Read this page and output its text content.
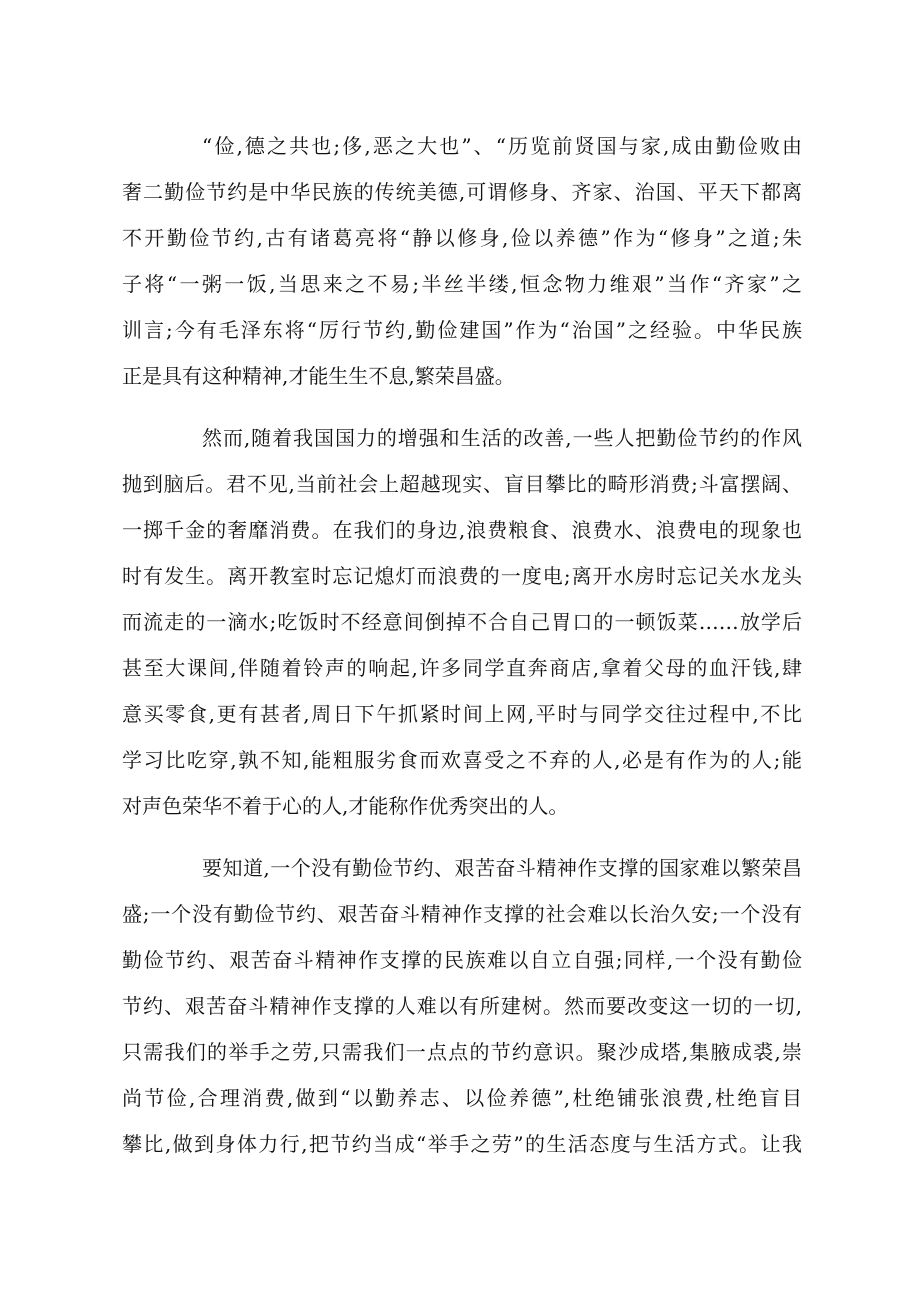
“俭,德之共也;侈,恶之大也”、“历览前贤国与家,成由勤俭败由
奢二勤俭节约是中华民族的传统美德,可谓修身、齐家、治国、平天下都离
不开勤俭节约,古有诸葛亮将“静以修身,俭以养德”作为“修身”之道;朱
子将“一粥一饭,当思来之不易;半丝半缕,恒念物力维艰”当作“齐家”之
训言;今有毛泽东将“厉行节约,勤俭建国”作为“治国”之经验。中华民族
正是具有这种精神,才能生生不息,繁荣昌盛。
然而,随着我国国力的增强和生活的改善,一些人把勤俭节约的作风
抛到脑后。君不见,当前社会上超越现实、盲目攀比的畸形消费;斗富摆阔、
一掷千金的奢靡消费。在我们的身边,浪费粮食、浪费水、浪费电的现象也
时有发生。离开教室时忘记熄灯而浪费的一度电;离开水房时忘记关水龙头
而流走的一滴水;吃饭时不经意间倒掉不合自己胃口的一顿饭菜……放学后
甚至大课间,伴随着铃声的响起,许多同学直奔商店,拿着父母的血汗钱,肆
意买零食,更有甚者,周日下午抓紧时间上网,平时与同学交往过程中,不比
学习比吃穿,孰不知,能粗服劣食而欢喜受之不弃的人,必是有作为的人;能
对声色荣华不着于心的人,才能称作优秀突出的人。
要知道,一个没有勤俭节约、艰苦奋斗精神作支撑的国家难以繁荣昌
盛;一个没有勤俭节约、艰苦奋斗精神作支撑的社会难以长治久安;一个没有
勤俭节约、艰苦奋斗精神作支撑的民族难以自立自强;同样,一个没有勤俭
节约、艰苦奋斗精神作支撑的人难以有所建树。然而要改变这一切的一切,
只需我们的举手之劳,只需我们一点点的节约意识。聚沙成塔,集腋成裘,崇
尚节俭,合理消费,做到“以勤养志、以俭养德”,杜绝铺张浪费,杜绝盲目
攀比,做到身体力行,把节约当成“举手之劳”的生活态度与生活方式。让我
